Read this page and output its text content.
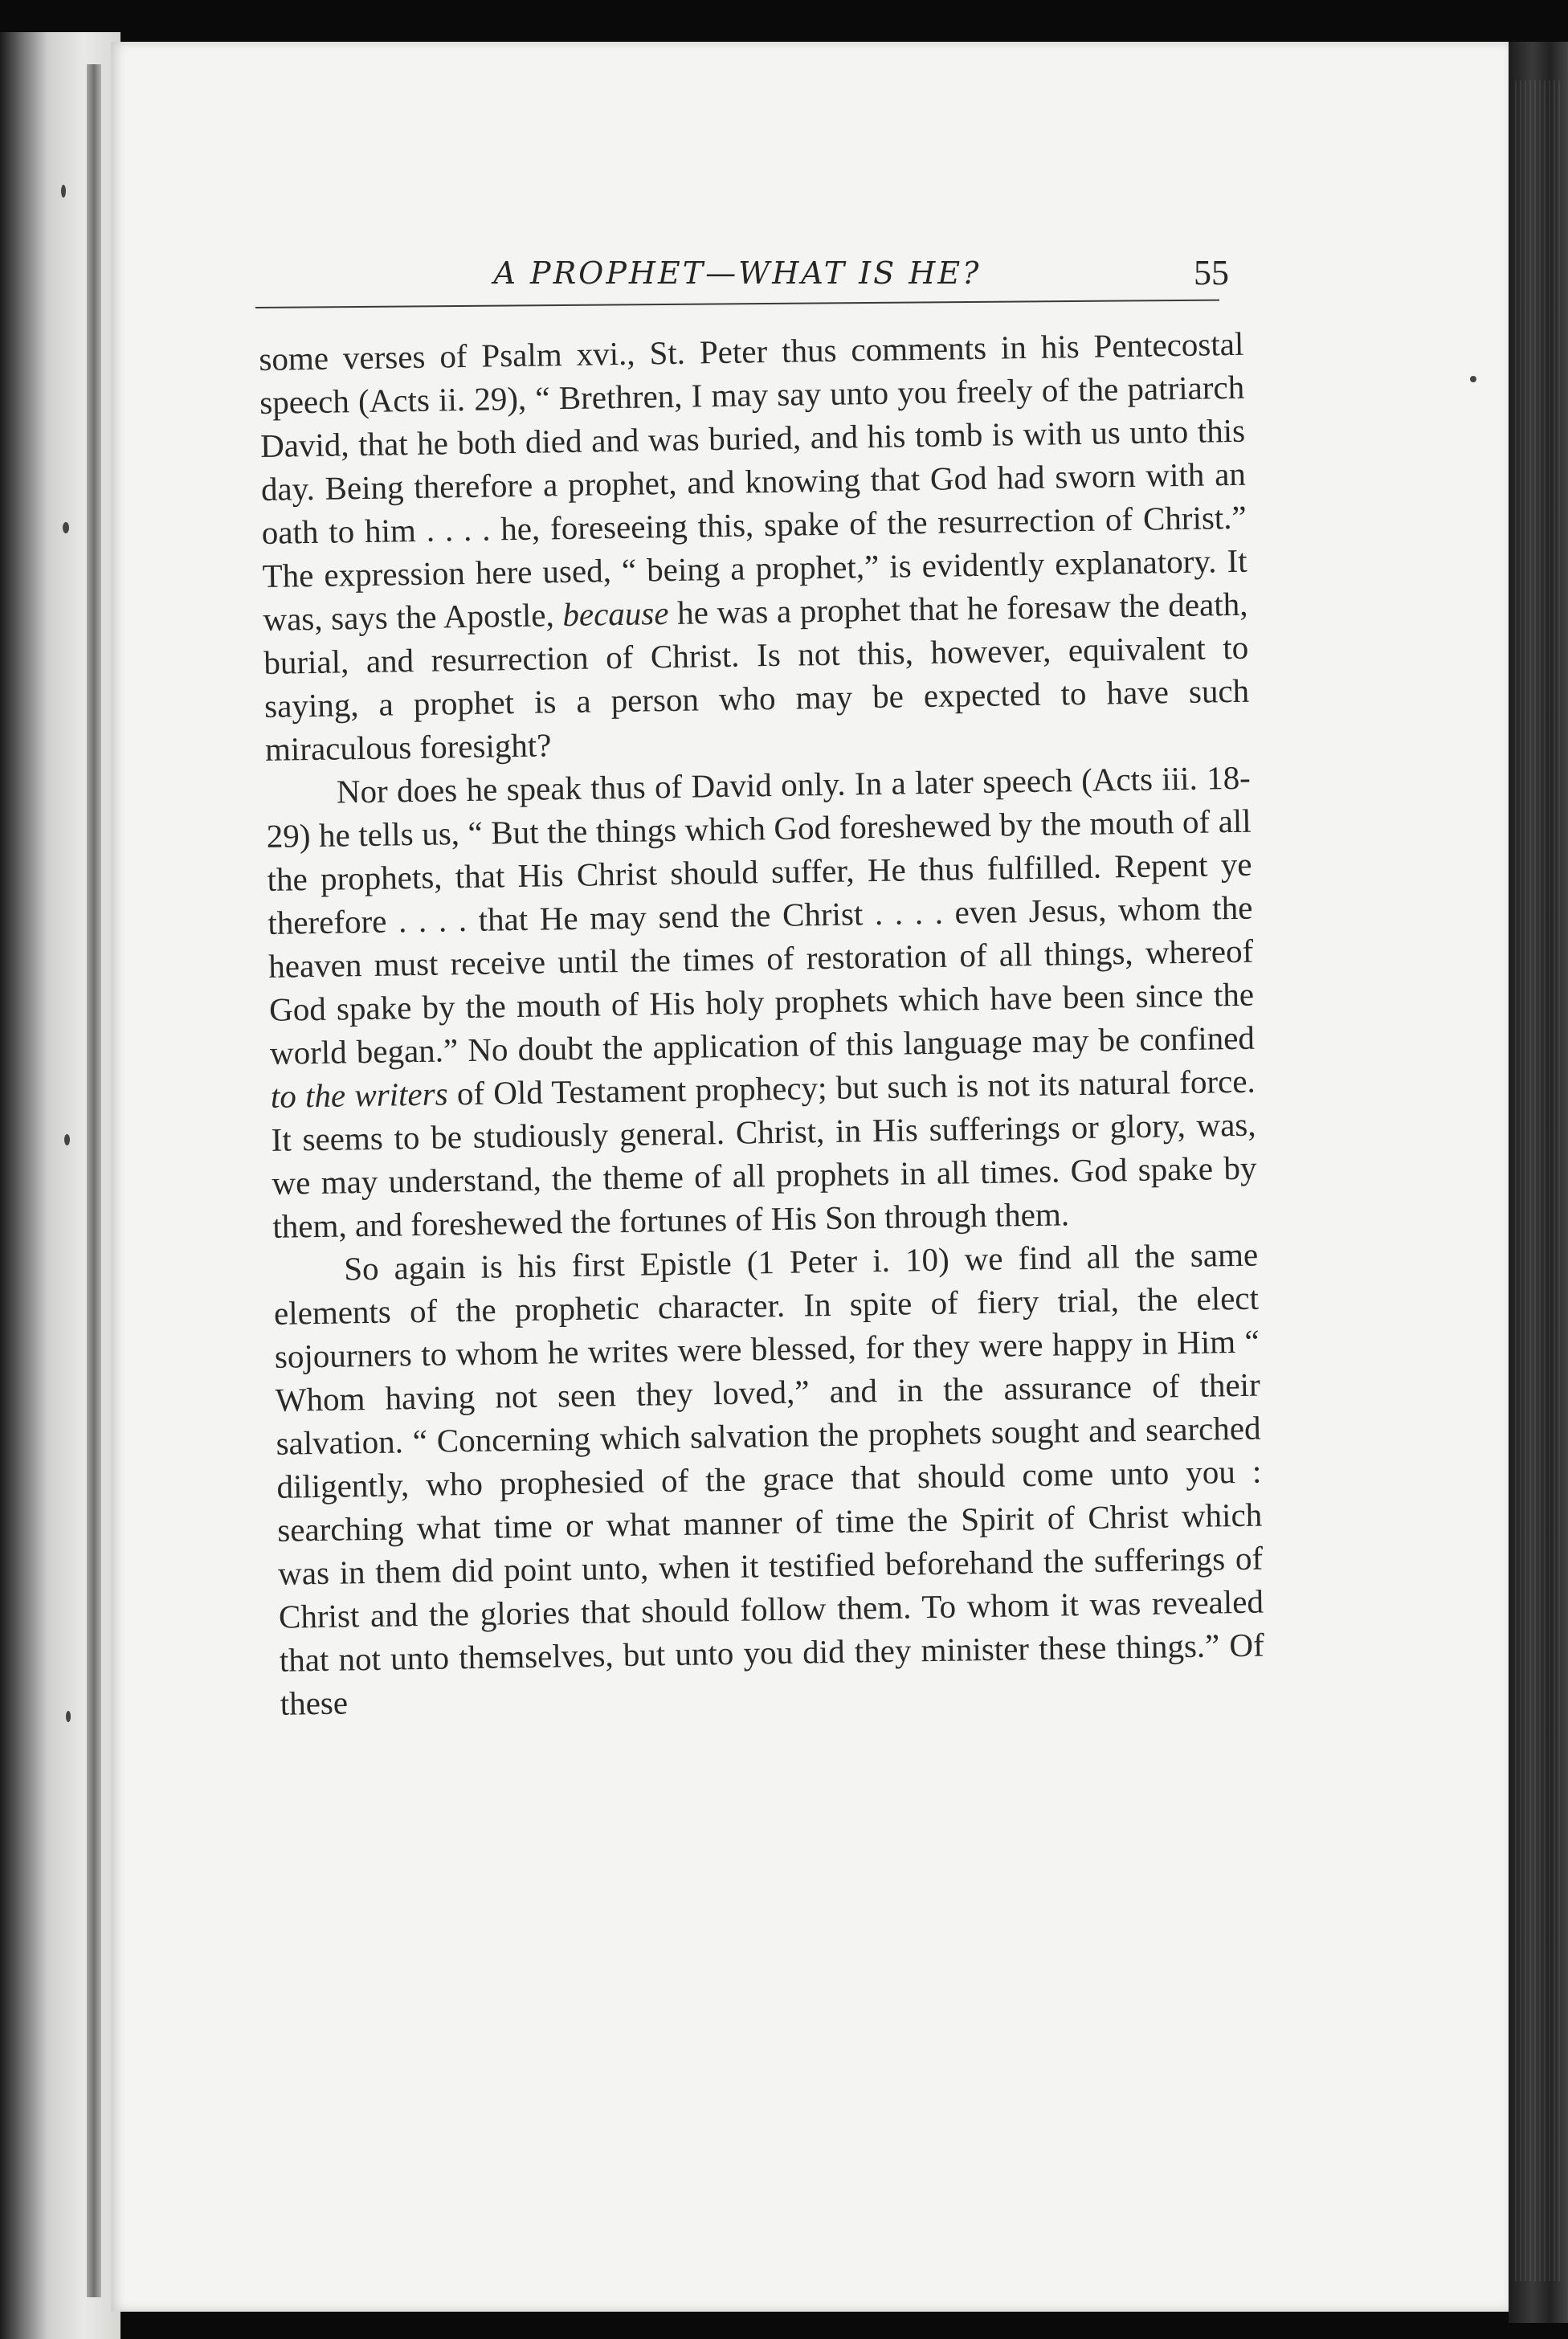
A PROPHET—WHAT IS HE?	55

some verses of Psalm xvi., St. Peter thus comments in his Pentecostal speech (Acts ii. 29), “ Brethren, I may say unto you freely of the patriarch David, that he both died and was buried, and his tomb is with us unto this day. Being therefore a prophet, and knowing that God had sworn with an oath to him . . . . he, foreseeing this, spake of the resurrection of Christ.” The expression here used, “ being a prophet,” is evidently explanatory. It was, says the Apostle, because he was a prophet that he foresaw the death, burial, and resurrection of Christ. Is not this, however, equivalent to saying, a prophet is a person who may be expected to have such miraculous foresight?

Nor does he speak thus of David only. In a later speech (Acts iii. 18-29) he tells us, “ But the things which God foreshewed by the mouth of all the prophets, that His Christ should suffer, He thus fulfilled. Repent ye therefore . . . . that He may send the Christ . . . . even Jesus, whom the heaven must receive until the times of restoration of all things, whereof God spake by the mouth of His holy prophets which have been since the world began.” No doubt the application of this language may be confined to the writers of Old Testament prophecy; but such is not its natural force. It seems to be studiously general. Christ, in His sufferings or glory, was, we may understand, the theme of all prophets in all times. God spake by them, and foreshewed the fortunes of His Son through them.

So again is his first Epistle (1 Peter i. 10) we find all the same elements of the prophetic character. In spite of fiery trial, the elect sojourners to whom he writes were blessed, for they were happy in Him “ Whom having not seen they loved,” and in the assurance of their salvation. “ Concerning which salvation the prophets sought and searched diligently, who prophesied of the grace that should come unto you : searching what time or what manner of time the Spirit of Christ which was in them did point unto, when it testified beforehand the sufferings of Christ and the glories that should follow them. To whom it was revealed that not unto themselves, but unto you did they minister these things.” Of these
